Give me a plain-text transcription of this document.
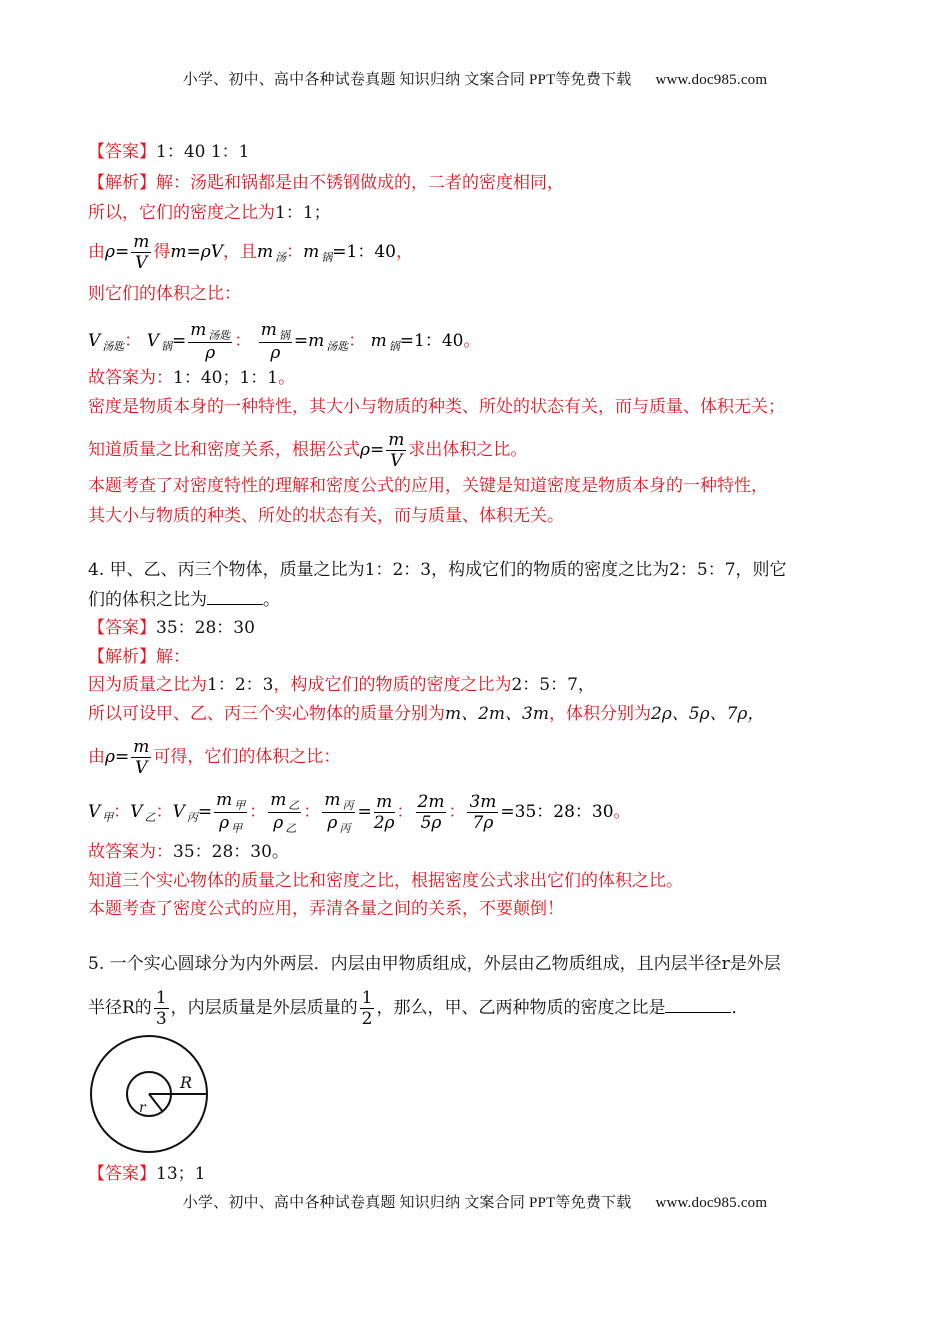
小学、初中、高中各种试卷真题 知识归纳 文案合同 PPT等免费下载 www.doc985.com
【答案】1：40 1：1
【解析】解：汤匙和锅都是由不锈钢做成的，二者的密度相同，
所以，它们的密度之比为1：1；
由$\rho= \frac{m}{V}$ 得m=ρV，且m $_汤$：m $_锅$=1：40，
则它们的体积之比：
V $_{汤匙}$： V $_锅= \frac{m _{汤匙}}{\rho}$ ： $\frac{m _锅}{\rho} =m$ $_{汤匙}$： m $_锅$=1：40。
故答案为：1：40；1：1。
密度是物质本身的一种特性，其大小与物质的种类、所处的状态有关，而与质量、体积无关；
知道质量之比和密度关系，根据公式$\rho= \frac{m}{V}$ 求出体积之比。
本题考查了对密度特性的理解和密度公式的应用，关键是知道密度是物质本身的一种特性，
其大小与物质的种类、所处的状态有关，而与质量、体积无关。
4. 甲、乙、丙三个物体，质量之比为1：2：3，构成它们的物质的密度之比为2：5：7，则它
们的体积之比为	。
【答案】35：28：30
【解析】解：
因为质量之比为1：2：3，构成它们的物质的密度之比为2：5：7，
所以可设甲、乙、丙三个实心物体的质量分别为m、2m、3m，体积分别为2ρ、5ρ、7ρ，
由$\rho= \frac{m}{V}$ 可得，它们的体积之比：
V $_甲$：V $_乙$：V $_丙= \frac{m _甲}{\rho _甲}$ ： $\frac{m _乙}{\rho _乙}$ ： $\frac{m _丙}{\rho _丙} = \frac{m}{2\rho}$ ： $\frac{2m}{5\rho}$ ： $\frac{3m}{7\rho} =35$：28：30。
故答案为：35：28：30。
知道三个实心物体的质量之比和密度之比，根据密度公式求出它们的体积之比。
本题考查了密度公式的应用，弄清各量之间的关系，不要颠倒！
5. 一个实心圆球分为内外两层．内层由甲物质组成，外层由乙物质组成，且内层半径r是外层
半径R的 $\frac{1}{3}$ ，内层质量是外层质量的 $\frac{1}{2}$ ，那么，甲、乙两种物质的密度之比是	．
【答案】13；1
R
r
小学、初中、高中各种试卷真题 知识归纳 文案合同 PPT等免费下载 www.doc985.com
